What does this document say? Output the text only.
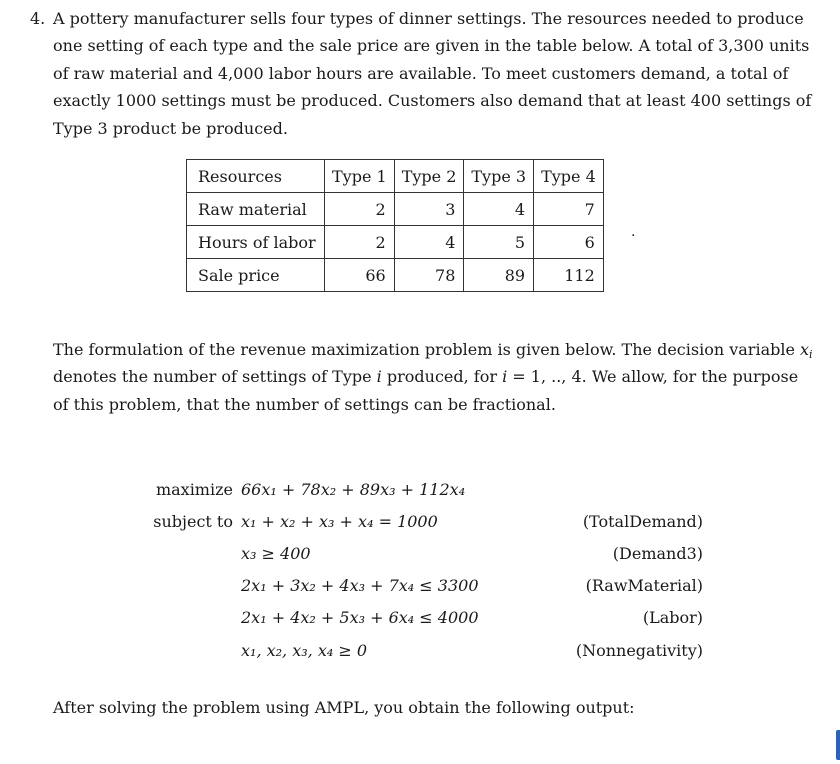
4. A pottery manufacturer sells four types of dinner settings. The resources needed to produce
one setting of each type and the sale price are given in the table below. A total of 3,300 units
of raw material and 4,000 labor hours are available. To meet customers demand, a total of
exactly 1000 settings must be produced. Customers also demand that at least 400 settings of
Type 3 product be produced.
Resources	Type 1	Type 2	Type 3	Type 4
Raw material	2	3	4	7
Hours of labor	2	4	5	6
Sale price	66	78	89	112
.
The formulation of the revenue maximization problem is given below. The decision variable $x_i$
denotes the number of settings of Type i produced, for i = 1, .., 4. We allow, for the purpose
of this problem, that the number of settings can be fractional.
maximize 66x₁ + 78x₂ + 89x₃ + 112x₄
subject to x₁ + x₂ + x₃ + x₄ = 1000	(TotalDemand)
x₃ ≥ 400	(Demand3)
2x₁ + 3x₂ + 4x₃ + 7x₄ ≤ 3300	(RawMaterial)
2x₁ + 4x₂ + 5x₃ + 6x₄ ≤ 4000	(Labor)
x₁, x₂, x₃, x₄ ≥ 0	(Nonnegativity)
After solving the problem using AMPL, you obtain the following output:
